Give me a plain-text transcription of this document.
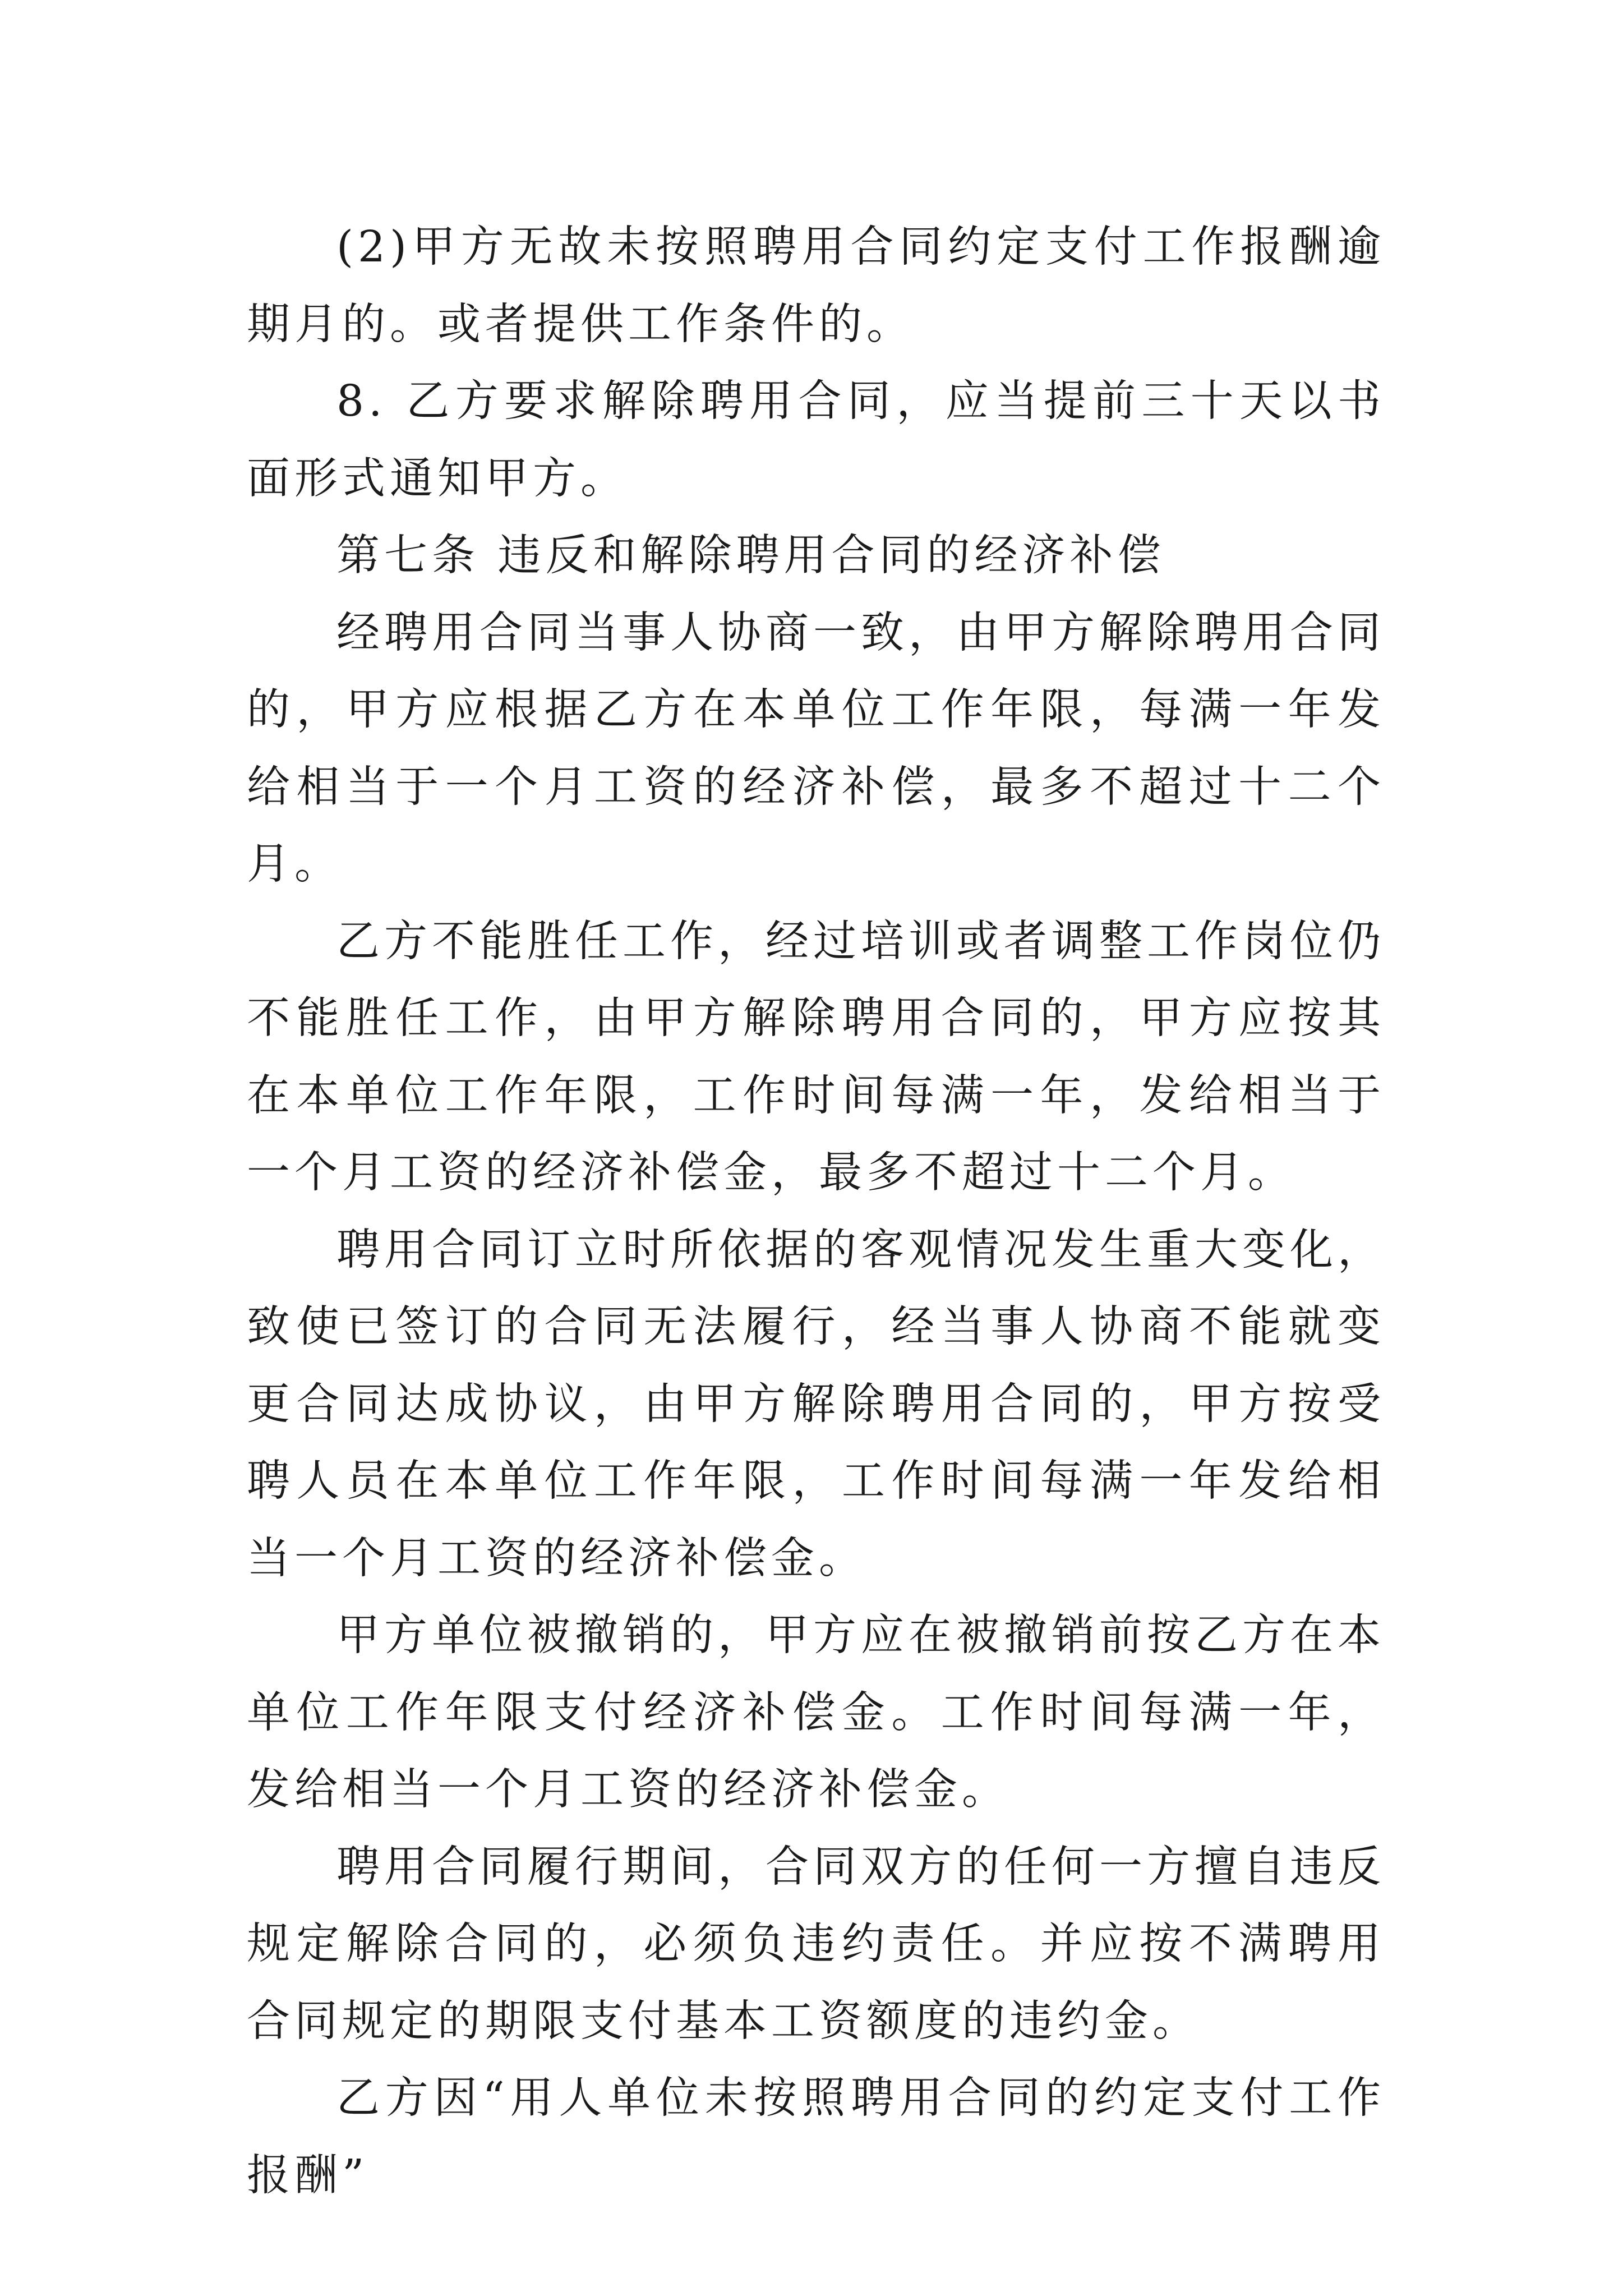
(2)甲方无故未按照聘用合同约定支付工作报酬逾期月的。或者提供工作条件的。

8. 乙方要求解除聘用合同，应当提前三十天以书面形式通知甲方。

第七条 违反和解除聘用合同的经济补偿

经聘用合同当事人协商一致，由甲方解除聘用合同的，甲方应根据乙方在本单位工作年限，每满一年发给相当于一个月工资的经济补偿，最多不超过十二个月。

乙方不能胜任工作，经过培训或者调整工作岗位仍不能胜任工作，由甲方解除聘用合同的，甲方应按其在本单位工作年限，工作时间每满一年，发给相当于一个月工资的经济补偿金，最多不超过十二个月。

聘用合同订立时所依据的客观情况发生重大变化，致使已签订的合同无法履行，经当事人协商不能就变更合同达成协议，由甲方解除聘用合同的，甲方按受聘人员在本单位工作年限，工作时间每满一年发给相当一个月工资的经济补偿金。

甲方单位被撤销的，甲方应在被撤销前按乙方在本单位工作年限支付经济补偿金。工作时间每满一年，发给相当一个月工资的经济补偿金。

聘用合同履行期间，合同双方的任何一方擅自违反规定解除合同的，必须负违约责任。并应按不满聘用合同规定的期限支付基本工资额度的违约金。

乙方因“用人单位未按照聘用合同的约定支付工作报酬”
